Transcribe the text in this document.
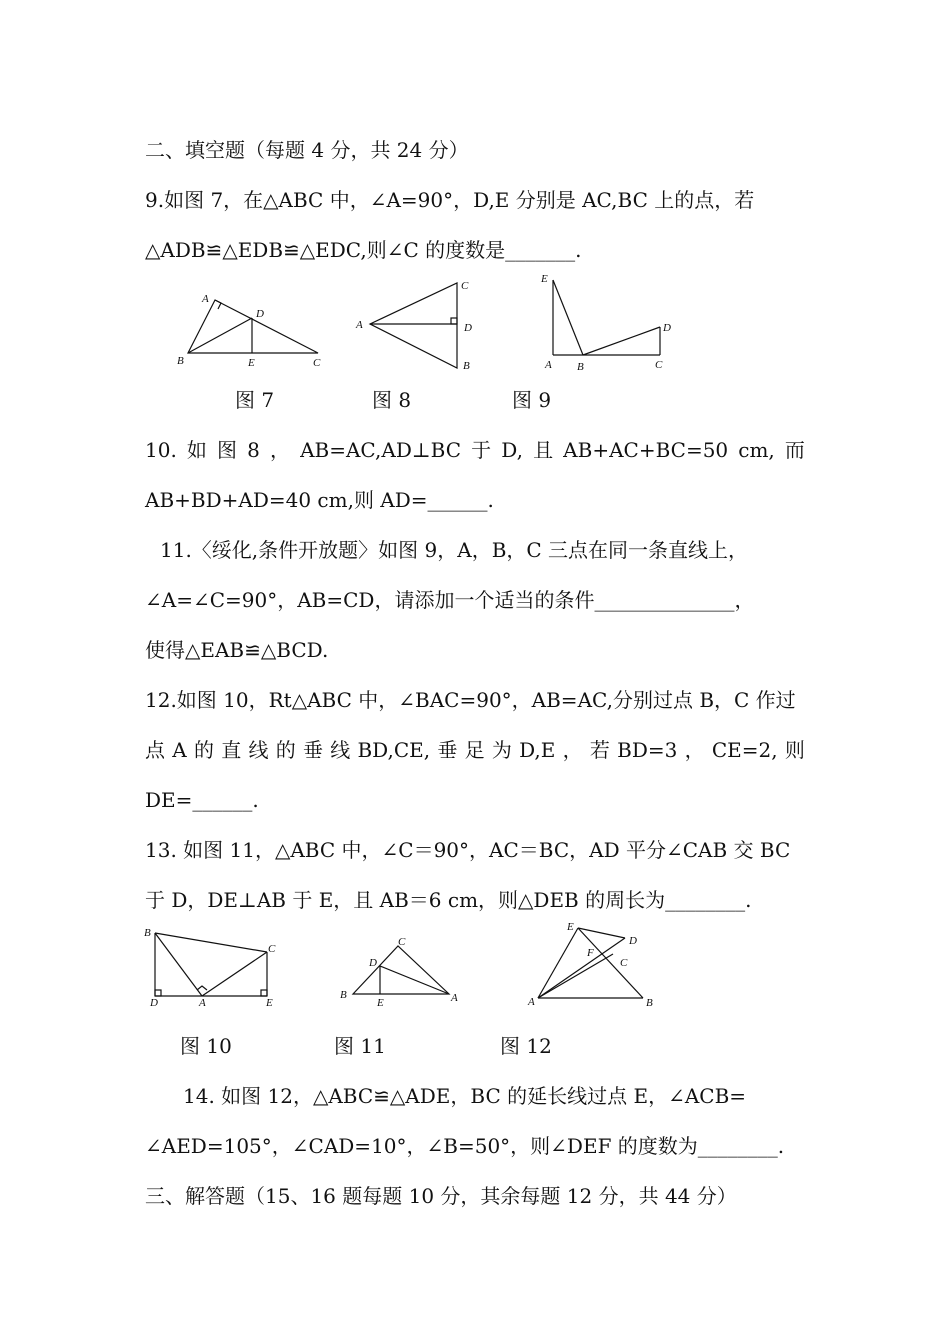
二、填空题（每题 4 分，共 24 分）
9.如图 7，在△ABC 中，∠A=90°，D,E 分别是 AC,BC 上的点，若
△ADB≌△EDB≌△EDC,则∠C 的度数是_______.
A
D
B	E	C
C
A	D
B
E
D
A B	C
图 7	图 8	图 9
10. 如 图 8 ， AB=AC,AD⊥BC 于 D, 且 AB+AC+BC=50 cm, 而
AB+BD+AD=40 cm,则 AD=______.
11.〈绥化,条件开放题〉如图 9，A，B，C 三点在同一条直线上，
∠A=∠C=90°，AB=CD，请添加一个适当的条件______________，
使得△EAB≌△BCD.
12.如图 10，Rt△ABC 中，∠BAC=90°，AB=AC,分别过点 B，C 作过
点 A 的 直 线 的 垂 线 BD,CE, 垂 足 为 D,E ， 若 BD=3 ， CE=2, 则
DE=______.
13. 如图 11，△ABC 中，∠C＝90°，AC＝BC，AD 平分∠CAB 交 BC
于 D，DE⊥AB 于 E，且 AB＝6 cm，则△DEB 的周长为________.
B
C
D	A	E
C
D
B
E	A
E
D
F
C
A	B
图 10	图 11	图 12
14. 如图 12，△ABC≌△ADE，BC 的延长线过点 E，∠ACB=
∠AED=105°，∠CAD=10°，∠B=50°，则∠DEF 的度数为________.
三、解答题（15、16 题每题 10 分，其余每题 12 分，共 44 分）
